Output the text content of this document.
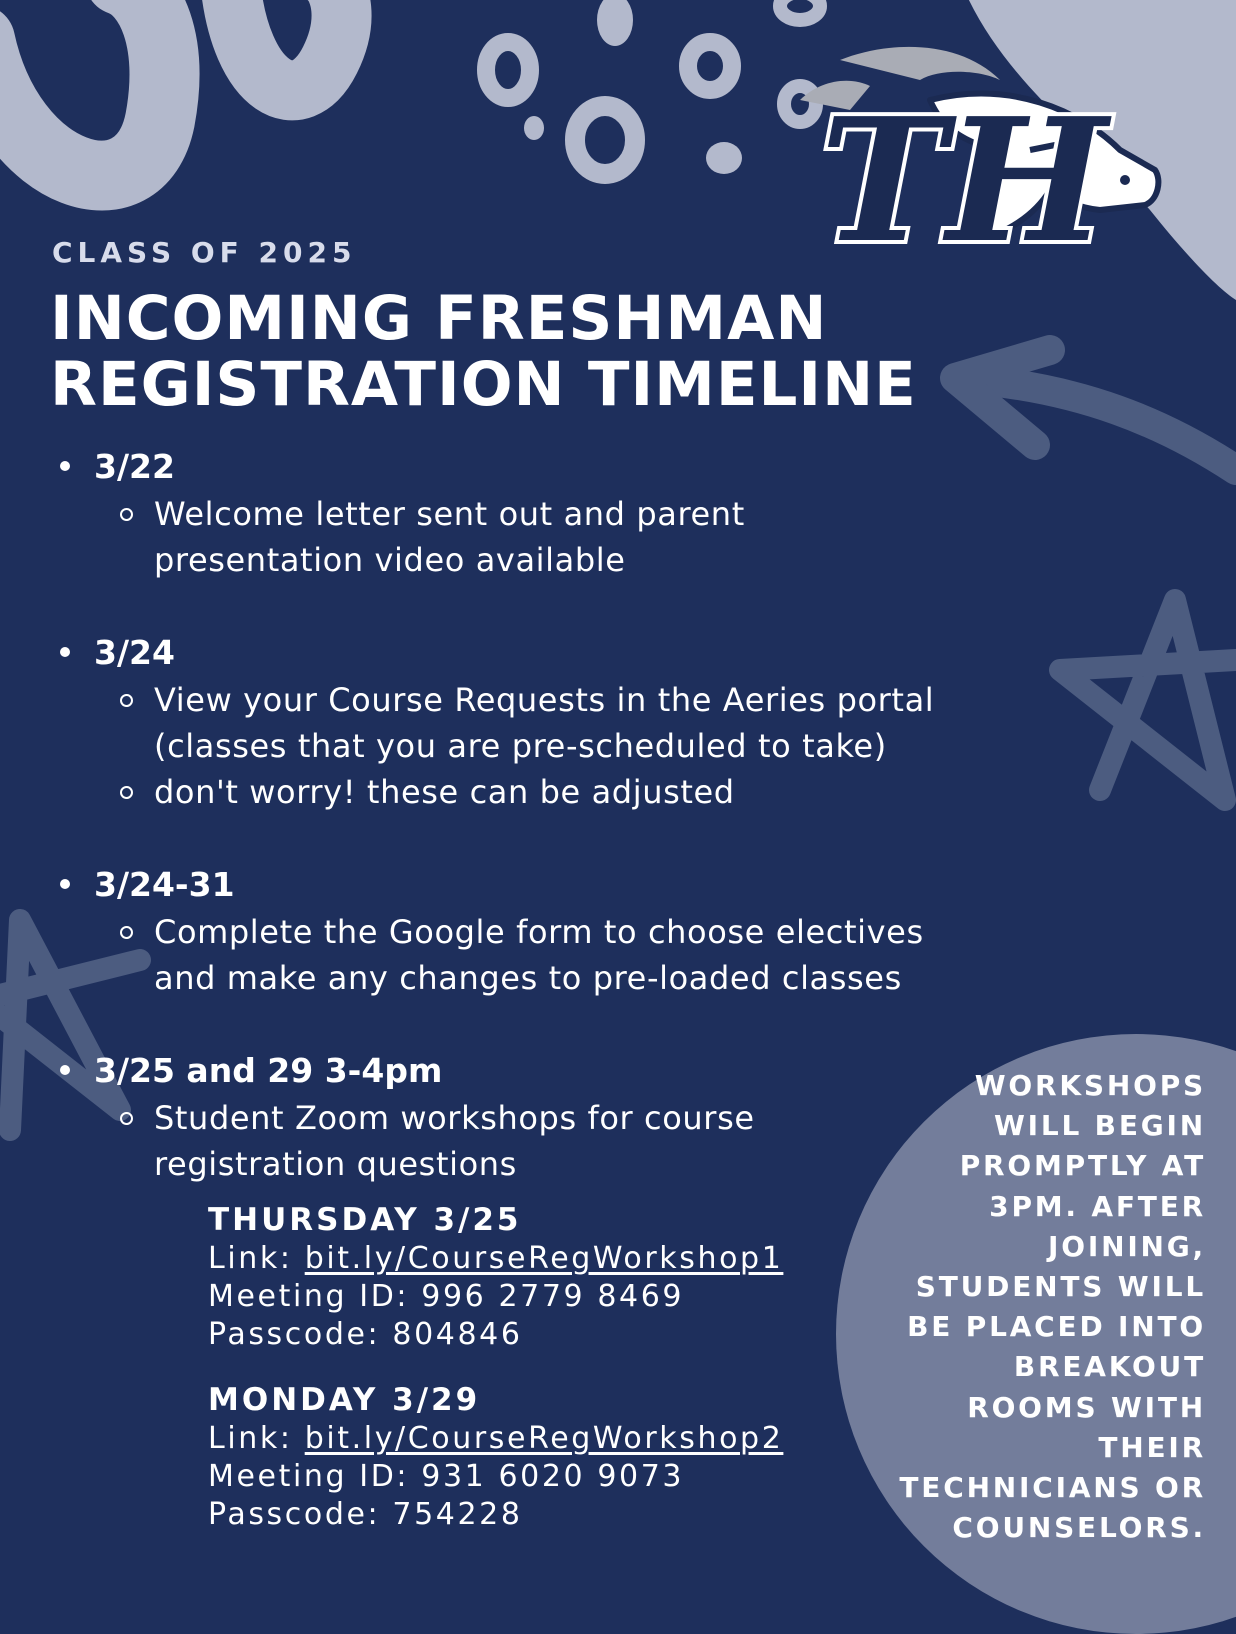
TH
CLASS OF 2025
INCOMING FRESHMAN
REGISTRATION TIMELINE
3/22
Welcome letter sent out and parent
presentation video available
3/24
View your Course Requests in the Aeries portal
(classes that you are pre-scheduled to take)
don't worry! these can be adjusted
3/24-31
Complete the Google form to choose electives
and make any changes to pre-loaded classes
3/25 and 29 3-4pm
Student Zoom workshops for course
registration questions
THURSDAY 3/25
Link: bit.ly/CourseRegWorkshop1
Meeting ID: 996 2779 8469
Passcode: 804846
MONDAY 3/29
Link: bit.ly/CourseRegWorkshop2
Meeting ID: 931 6020 9073
Passcode: 754228
WORKSHOPS
WILL BEGIN
PROMPTLY AT
3PM. AFTER
JOINING,
STUDENTS WILL
BE PLACED INTO
BREAKOUT
ROOMS WITH
THEIR
TECHNICIANS OR
COUNSELORS.
